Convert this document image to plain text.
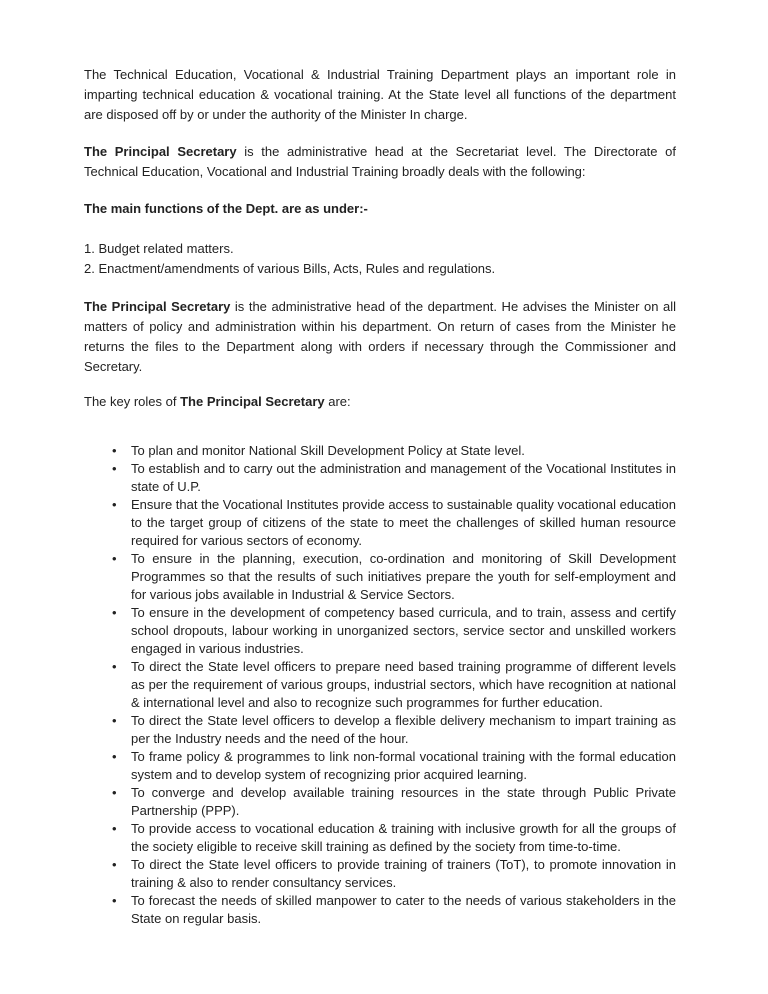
The Technical Education, Vocational & Industrial Training Department plays an important role in imparting technical education & vocational training. At the State level all functions of the department are disposed off by or under the authority of the Minister In charge.

The Principal Secretary is the administrative head at the Secretariat level. The Directorate of Technical Education, Vocational and Industrial Training broadly deals with the following:

The main functions of the Dept. are as under:-

1. Budget related matters.

2. Enactment/amendments of various Bills, Acts, Rules and regulations.

The Principal Secretary is the administrative head of the department. He advises the Minister on all matters of policy and administration within his department. On return of cases from the Minister he returns the files to the Department along with orders if necessary through the Commissioner and Secretary.

The key roles of The Principal Secretary are:

• To plan and monitor National Skill Development Policy at State level.
• To establish and to carry out the administration and management of the Vocational Institutes in state of U.P.
• Ensure that the Vocational Institutes provide access to sustainable quality vocational education to the target group of citizens of the state to meet the challenges of skilled human resource required for various sectors of economy.
• To ensure in the planning, execution, co-ordination and monitoring of Skill Development Programmes so that the results of such initiatives prepare the youth for self-employment and for various jobs available in Industrial & Service Sectors.
• To ensure in the development of competency based curricula, and to train, assess and certify school dropouts, labour working in unorganized sectors, service sector and unskilled workers engaged in various industries.
• To direct the State level officers to prepare need based training programme of different levels as per the requirement of various groups, industrial sectors, which have recognition at national & international level and also to recognize such programmes for further education.
• To direct the State level officers to develop a flexible delivery mechanism to impart training as per the Industry needs and the need of the hour.
• To frame policy & programmes to link non-formal vocational training with the formal education system and to develop system of recognizing prior acquired learning.
• To converge and develop available training resources in the state through Public Private Partnership (PPP).
• To provide access to vocational education & training with inclusive growth for all the groups of the society eligible to receive skill training as defined by the society from time-to-time.
• To direct the State level officers to provide training of trainers (ToT), to promote innovation in training & also to render consultancy services.
• To forecast the needs of skilled manpower to cater to the needs of various stakeholders in the State on regular basis.
